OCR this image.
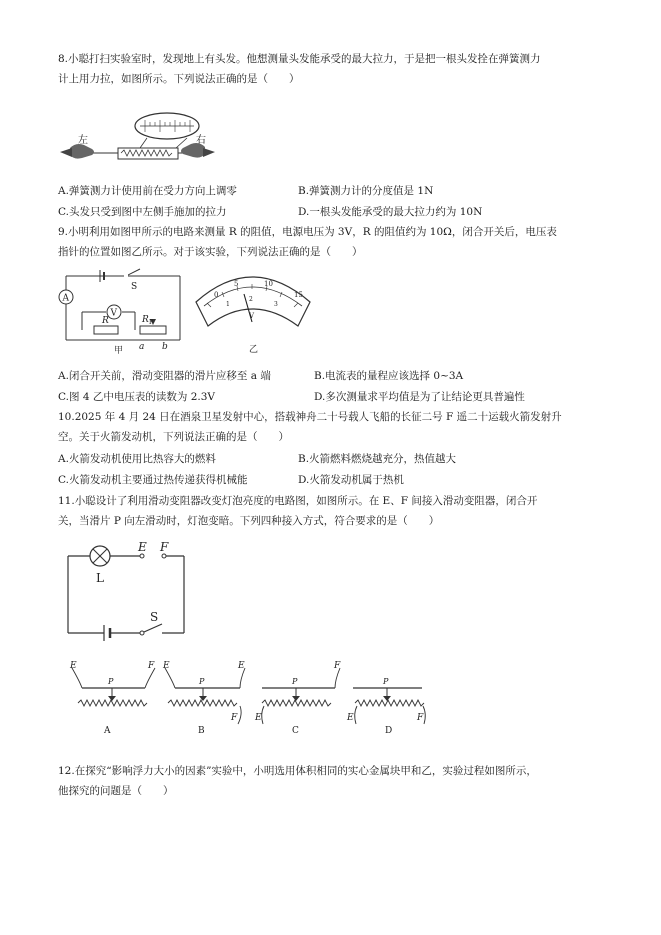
8.小聪打扫实验室时，发现地上有头发。他想测量头发能承受的最大拉力，于是把一根头发拴在弹簧测力
计上用力拉，如图所示。下列说法正确的是（　　）
左	右
A.弹簧测力计使用前在受力方向上调零	B.弹簧测力计的分度值是 1N
C.头发只受到图中左侧手施加的拉力	D.一根头发能承受的最大拉力约为 10N
9.小明利用如图甲所示的电路来测量 R 的阻值，电源电压为 3V，R 的阻值约为 10Ω，闭合开关后，电压表
指针的位置如图乙所示。对于该实验，下列说法正确的是（　　）
S
A
V
R	R P
a b
甲
0
5	10
15
1
2
3
V
乙
A.闭合开关前，滑动变阻器的滑片应移至 a 端	B.电流表的量程应该选择 0~3A
C.图 4 乙中电压表的读数为 2.3V	D.多次测量求平均值是为了让结论更具普遍性
10.2025 年 4 月 24 日在酒泉卫星发射中心，搭载神舟二十号载人飞船的长征二号 F 遥二十运载火箭发射升
空。关于火箭发动机，下列说法正确的是（　　）
A.火箭发动机使用比热容大的燃料	B.火箭燃料燃烧越充分，热值越大
C.火箭发动机主要通过热传递获得机械能	D.火箭发动机属于热机
11.小聪设计了利用滑动变阻器改变灯泡亮度的电路图，如图所示。在 E、F 间接入滑动变阻器，闭合开
关，当滑片 P 向左滑动时，灯泡变暗。下列四种接入方式，符合要求的是（　　）
L
E F
S
E	F
P
A
E	E
F
P
B
F
E
P
C
E	F
P
D
12.在探究“影响浮力大小的因素”实验中，小明选用体积相同的实心金属块甲和乙，实验过程如图所示，
他探究的问题是（　　）
